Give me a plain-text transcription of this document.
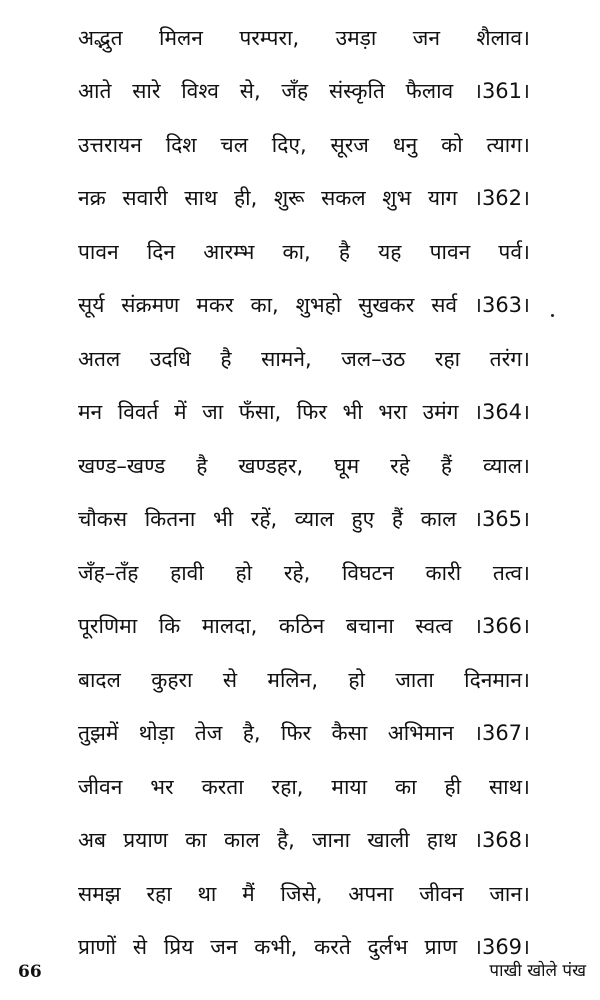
अद्भुत मिलन परम्परा, उमड़ा जन शैलाव।
आते सारे विश्व से, जँह संस्कृति फैलाव ।361।
उत्तरायन दिश चल दिए, सूरज धनु को त्याग।
नक्र सवारी साथ ही, शुरू सकल शुभ याग ।362।
पावन दिन आरम्भ का, है यह पावन पर्व।
सूर्य संक्रमण मकर का, शुभहो सुखकर सर्व ।363।
अतल उदधि है सामने, जल–उठ रहा तरंग।
मन विवर्त में जा फँसा, फिर भी भरा उमंग ।364।
खण्ड–खण्ड है खण्डहर, घूम रहे हैं व्याल।
चौकस कितना भी रहें, व्याल हुए हैं काल ।365।
जँह–तँह हावी हो रहे, विघटन कारी तत्व।
पूरणिमा कि मालदा, कठिन बचाना स्वत्व ।366।
बादल कुहरा से मलिन, हो जाता दिनमान।
तुझमें थोड़ा तेज है, फिर कैसा अभिमान ।367।
जीवन भर करता रहा, माया का ही साथ।
अब प्रयाण का काल है, जाना खाली हाथ ।368।
समझ रहा था मैं जिसे, अपना जीवन जान।
प्राणों से प्रिय जन कभी, करते दुर्लभ प्राण ।369।
66	पाखी खोले पंख
